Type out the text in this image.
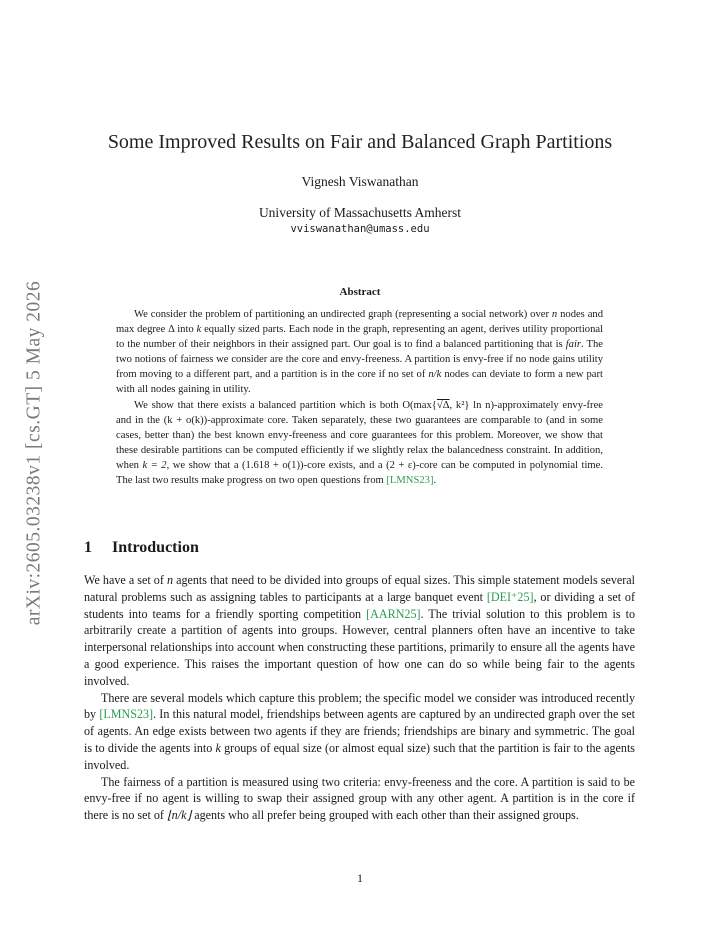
arXiv:2605.03238v1 [cs.GT] 5 May 2026
Some Improved Results on Fair and Balanced Graph Partitions
Vignesh Viswanathan
University of Massachusetts Amherst
vviswanathan@umass.edu
Abstract

We consider the problem of partitioning an undirected graph (representing a social network) over n nodes and max degree Δ into k equally sized parts. Each node in the graph, representing an agent, derives utility proportional to the number of their neighbors in their assigned part. Our goal is to find a balanced partitioning that is fair. The two notions of fairness we consider are the core and envy-freeness. A partition is envy-free if no node gains utility from moving to a different part, and a partition is in the core if no set of n/k nodes can deviate to form a new part with all nodes gaining in utility.

We show that there exists a balanced partition which is both O(max{√Δ, k²} ln n)-approximately envy-free and in the (k + o(k))-approximate core. Taken separately, these two guarantees are comparable to (and in some cases, better than) the best known envy-freeness and core guarantees for this problem. Moreover, we show that these desirable partitions can be computed efficiently if we slightly relax the balancedness constraint. In addition, when k = 2, we show that a (1.618 + o(1))-core exists, and a (2 + ε)-core can be computed in polynomial time. The last two results make progress on two open questions from [LMNS23].

1 Introduction

We have a set of n agents that need to be divided into groups of equal sizes. This simple statement models several natural problems such as assigning tables to participants at a large banquet event [DEI⁺25], or dividing a set of students into teams for a friendly sporting competition [AARN25]. The trivial solution to this problem is to arbitrarily create a partition of agents into groups. However, central planners often have an incentive to take interpersonal relationships into account when constructing these partitions, primarily to ensure all the agents have a good experience. This raises the important question of how one can do so while being fair to the agents involved.

There are several models which capture this problem; the specific model we consider was introduced recently by [LMNS23]. In this natural model, friendships between agents are captured by an undirected graph over the set of agents. An edge exists between two agents if they are friends; friendships are binary and symmetric. The goal is to divide the agents into k groups of equal size (or almost equal size) such that the partition is fair to the agents involved.

The fairness of a partition is measured using two criteria: envy-freeness and the core. A partition is said to be envy-free if no agent is willing to swap their assigned group with any other agent. A partition is in the core if there is no set of ⌊n/k⌋ agents who all prefer being grouped with each other than their assigned groups.

1
